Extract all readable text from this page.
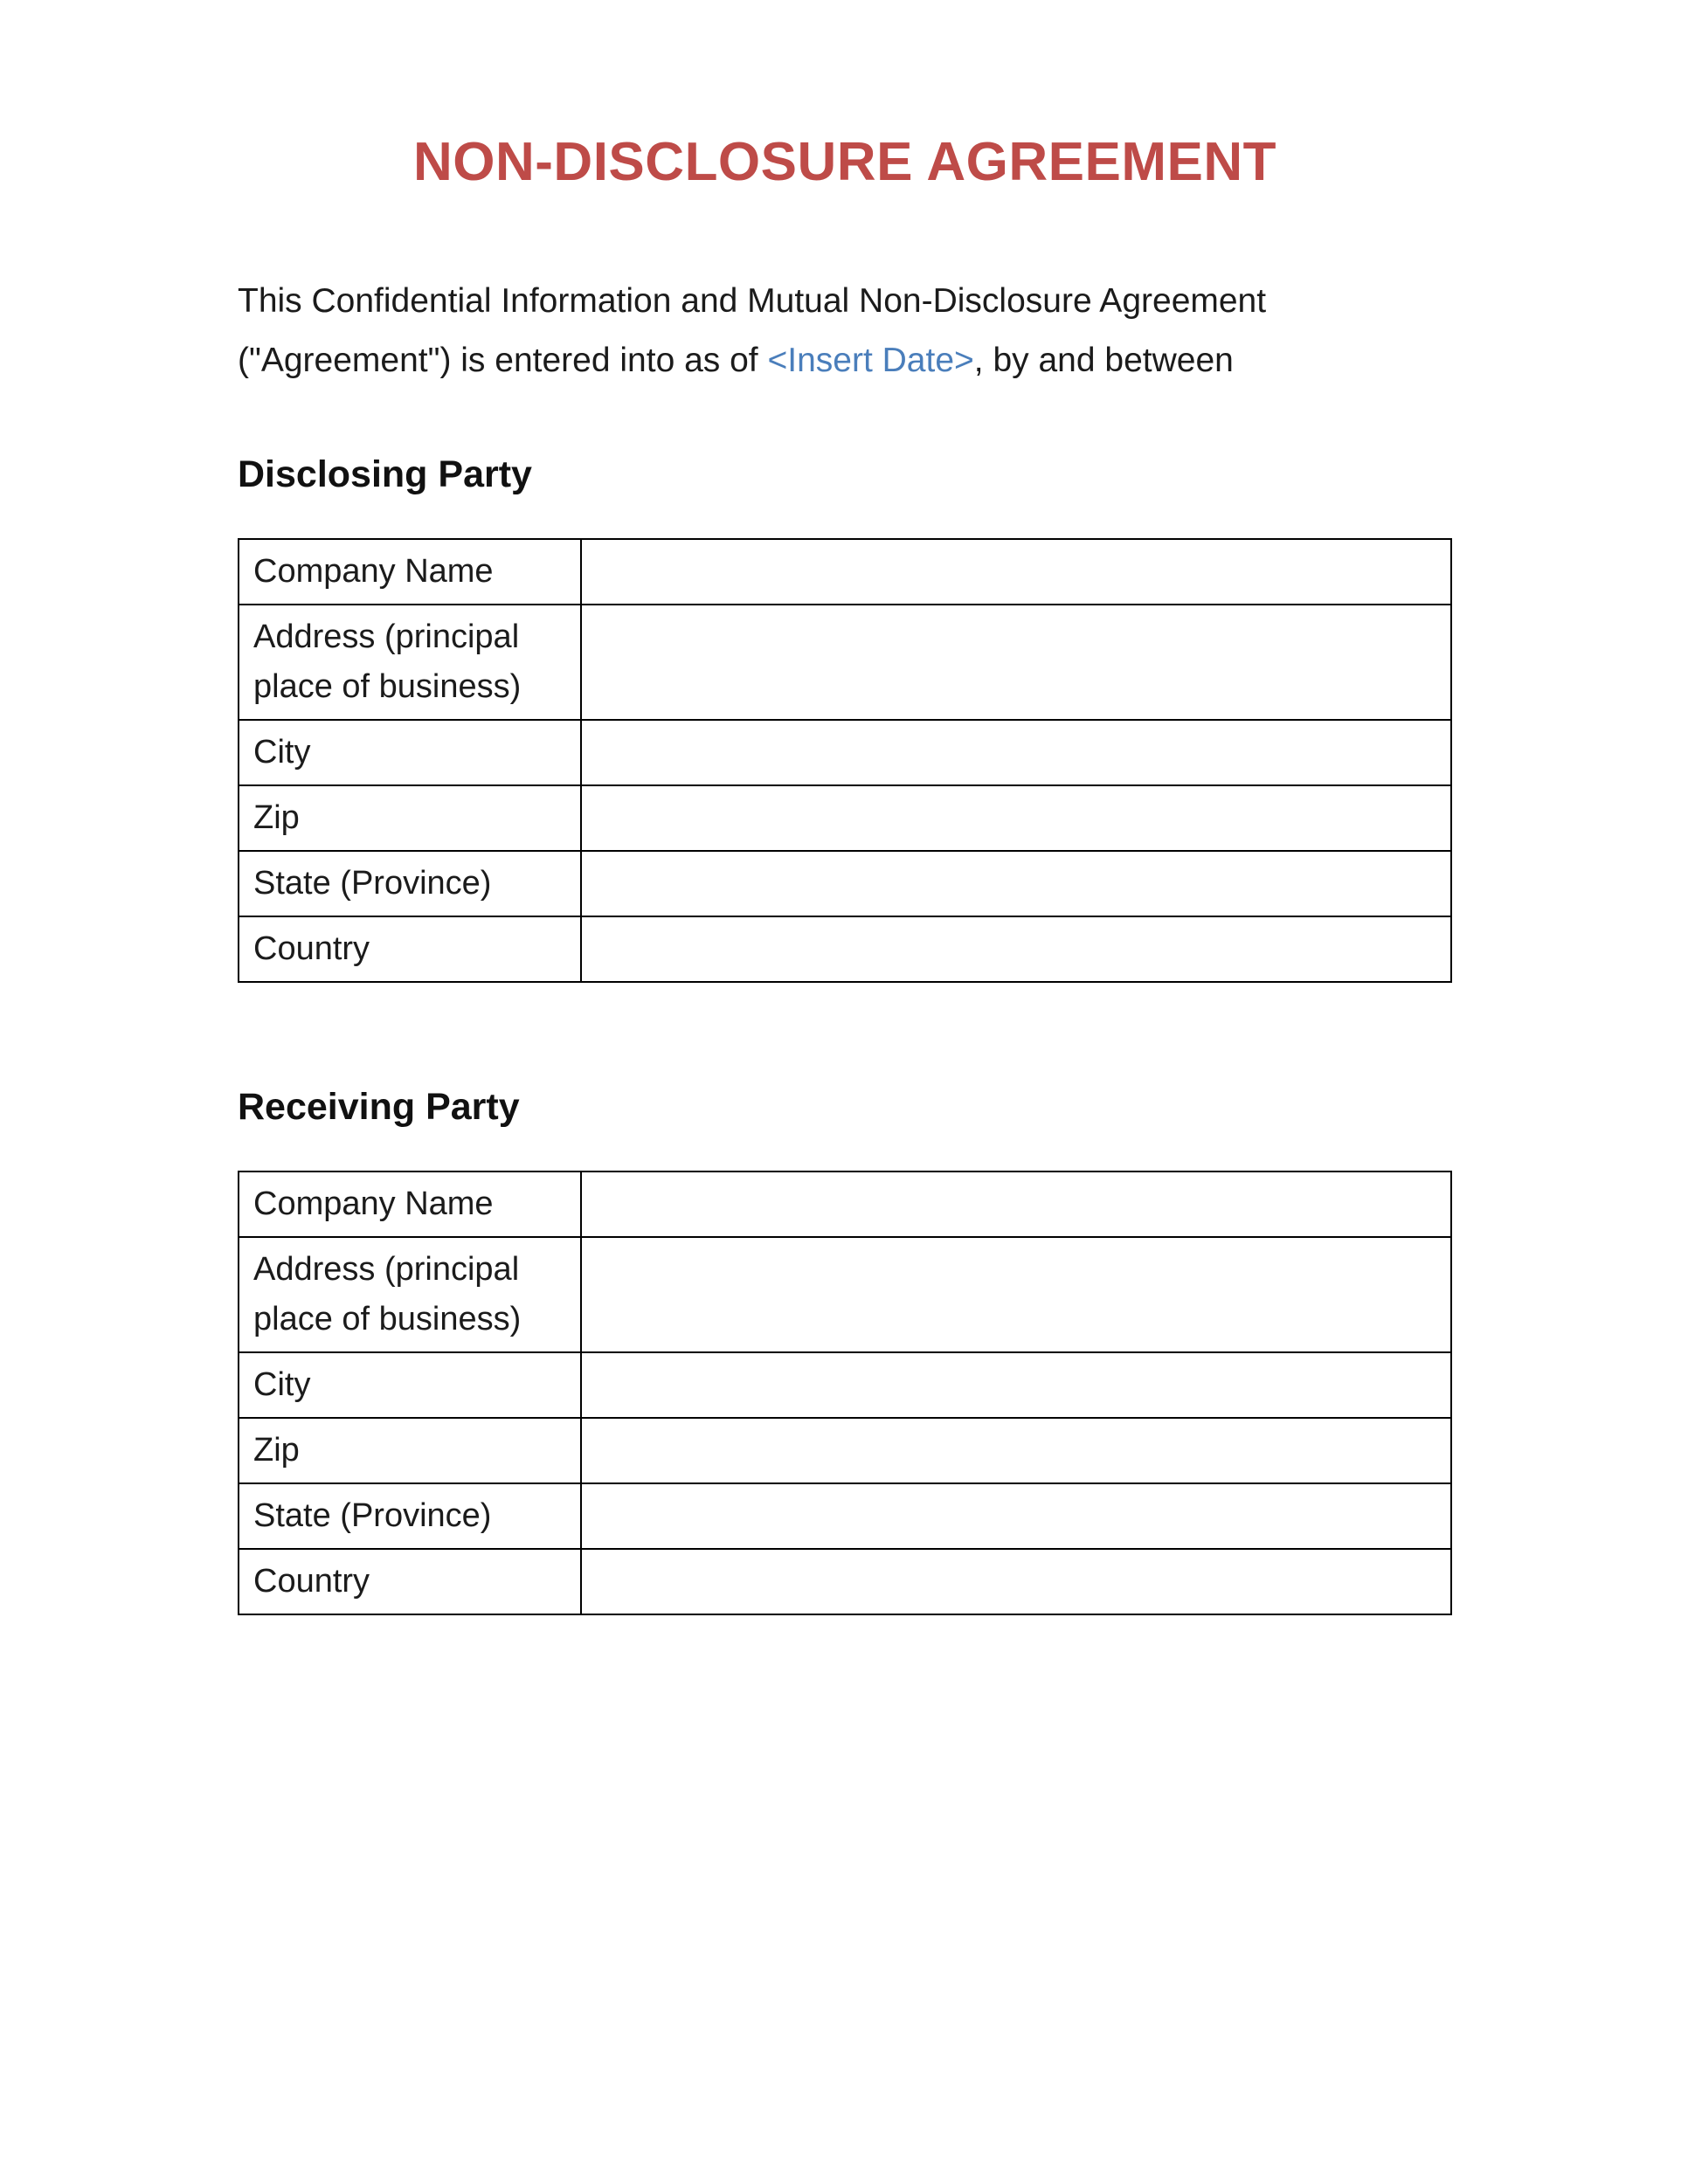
NON-DISCLOSURE AGREEMENT

This Confidential Information and Mutual Non-Disclosure Agreement ("Agreement") is entered into as of <Insert Date>, by and between

Disclosing Party
Company Name	
Address (principal place of business)	
City	
Zip	
State (Province)	
Country	
Receiving Party
Company Name	
Address (principal place of business)	
City	
Zip	
State (Province)	
Country	
